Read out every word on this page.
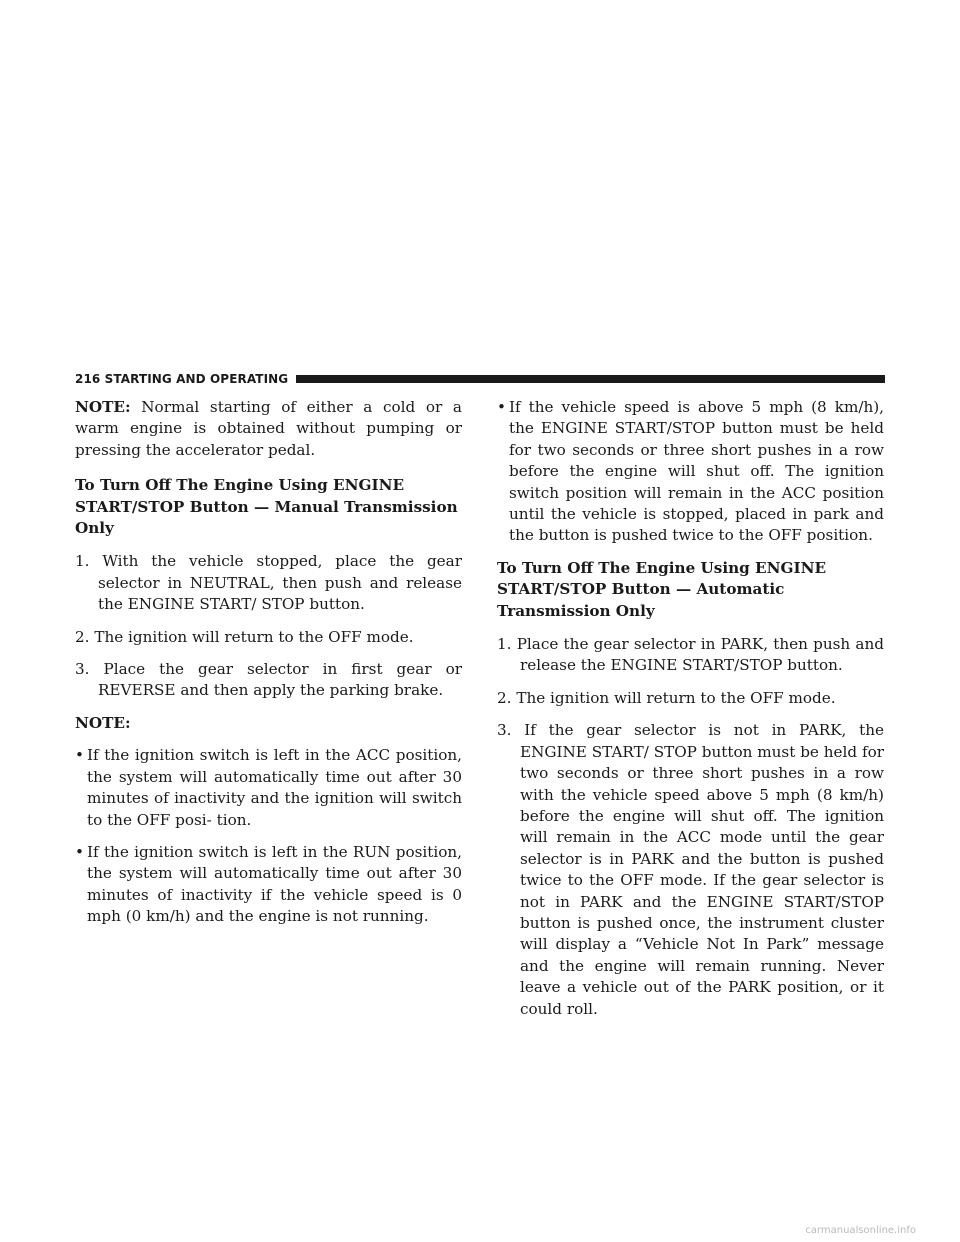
216 STARTING AND OPERATING

NOTE: Normal starting of either a cold or a warm engine is obtained without pumping or pressing the accelerator pedal.

To Turn Off The Engine Using ENGINE START/STOP Button — Manual Transmission Only

1. With the vehicle stopped, place the gear selector in NEUTRAL, then push and release the ENGINE START/ STOP button.

2. The ignition will return to the OFF mode.

3. Place the gear selector in first gear or REVERSE and then apply the parking brake.

NOTE:

• If the ignition switch is left in the ACC position, the system will automatically time out after 30 minutes of inactivity and the ignition will switch to the OFF posi- tion.
• If the ignition switch is left in the RUN position, the system will automatically time out after 30 minutes of inactivity if the vehicle speed is 0 mph (0 km/h) and the engine is not running.
• If the vehicle speed is above 5 mph (8 km/h), the ENGINE START/STOP button must be held for two seconds or three short pushes in a row before the engine will shut off. The ignition switch position will remain in the ACC position until the vehicle is stopped, placed in park and the button is pushed twice to the OFF position.

To Turn Off The Engine Using ENGINE START/STOP Button — Automatic Transmission Only

1. Place the gear selector in PARK, then push and release the ENGINE START/STOP button.

2. The ignition will return to the OFF mode.

3. If the gear selector is not in PARK, the ENGINE START/ STOP button must be held for two seconds or three short pushes in a row with the vehicle speed above 5 mph (8 km/h) before the engine will shut off. The ignition will remain in the ACC mode until the gear selector is in PARK and the button is pushed twice to the OFF mode. If the gear selector is not in PARK and the ENGINE START/STOP button is pushed once, the instrument cluster will display a “Vehicle Not In Park” message and the engine will remain running. Never leave a vehicle out of the PARK position, or it could roll.

carmanualsonline.info
